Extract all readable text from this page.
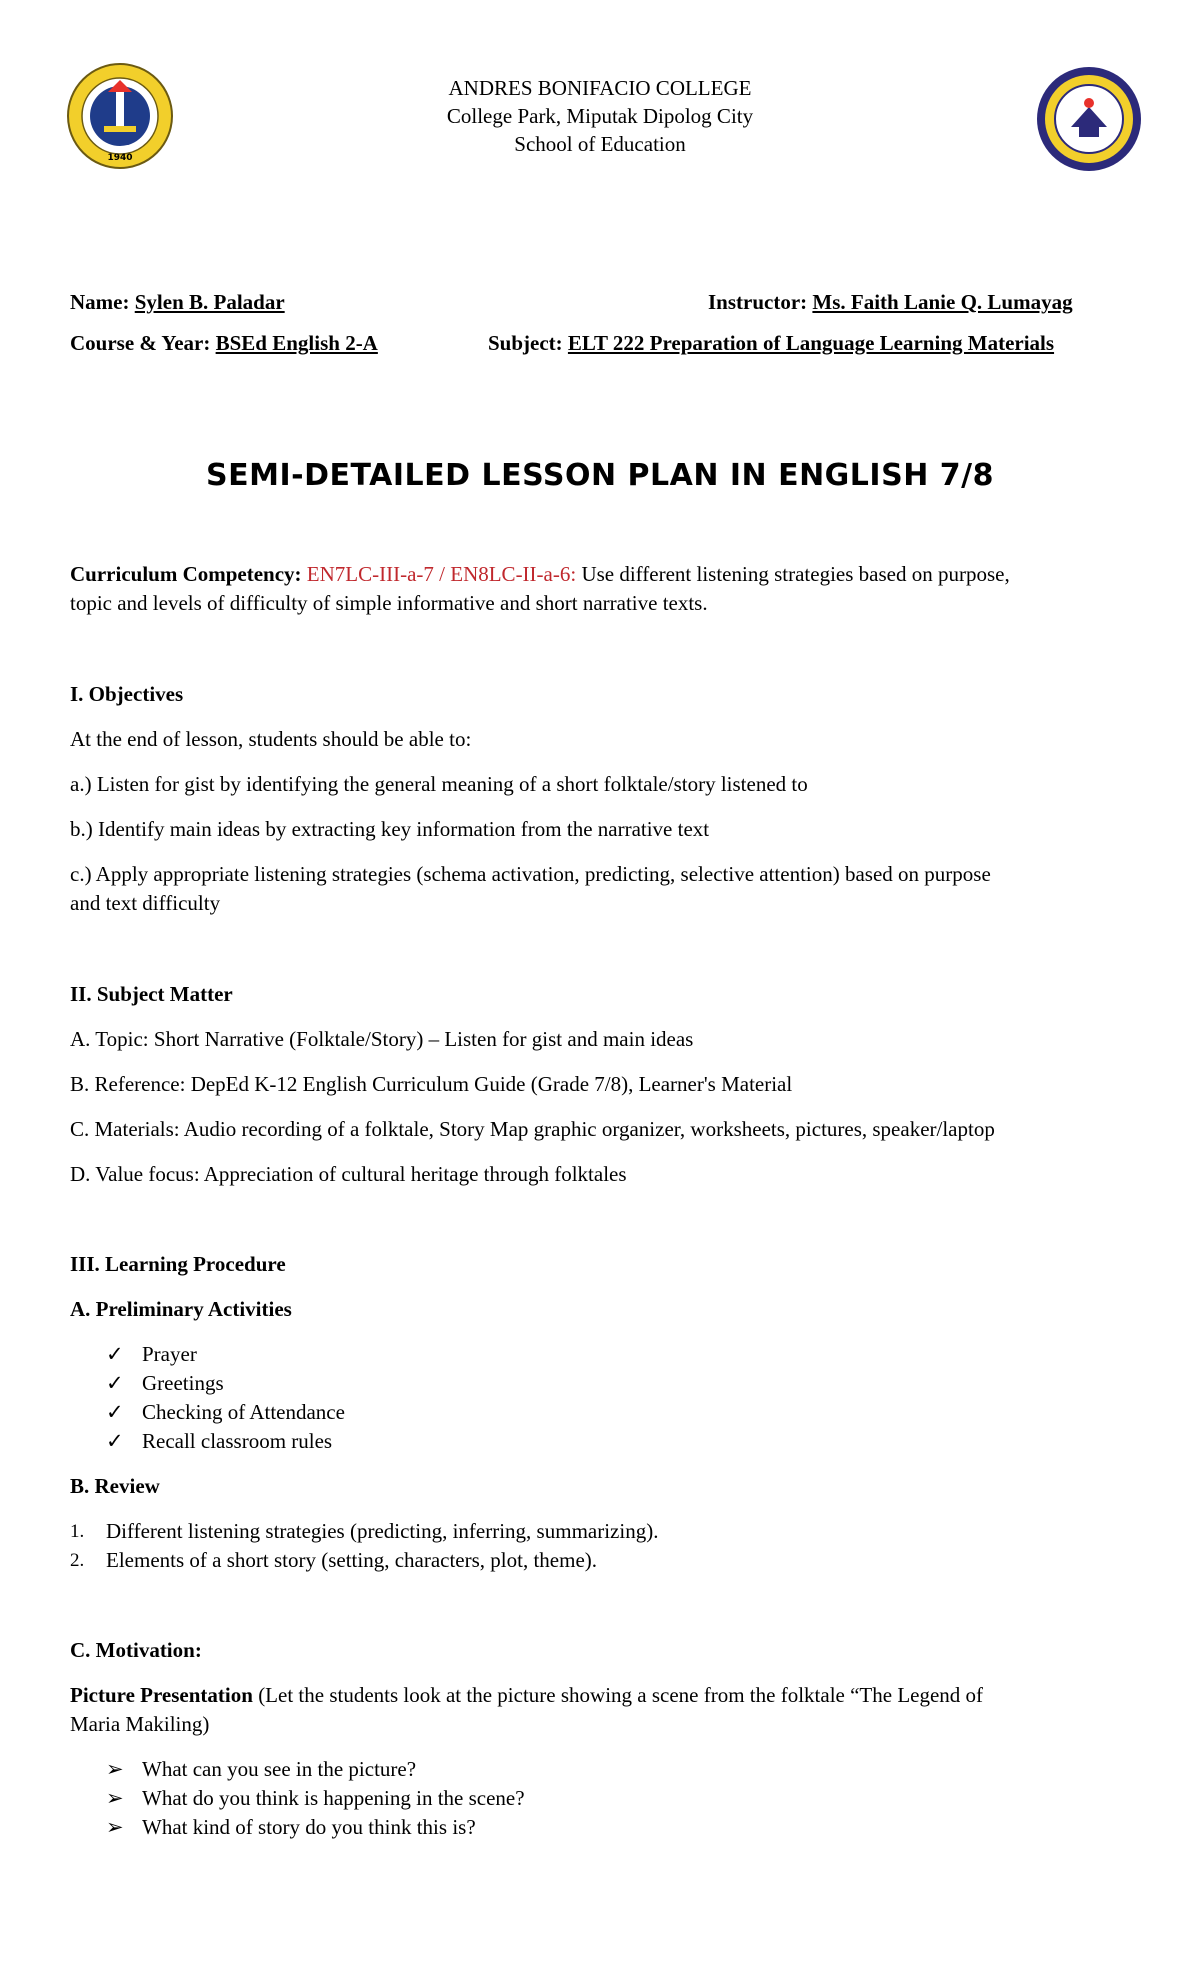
1940
ANDRES BONIFACIO COLLEGE
College Park, Miputak Dipolog City
School of Education
Name: Sylen B. Paladar	Instructor: Ms. Faith Lanie Q. Lumayag
Course & Year: BSEd English 2-A	Subject: ELT 222 Preparation of Language Learning Materials
SEMI-DETAILED LESSON PLAN IN ENGLISH 7/8
Curriculum Competency: EN7LC-III-a-7 / EN8LC-II-a-6: Use different listening strategies based on purpose,
topic and levels of difficulty of simple informative and short narrative texts.
I. Objectives
At the end of lesson, students should be able to:
a.) Listen for gist by identifying the general meaning of a short folktale/story listened to
b.) Identify main ideas by extracting key information from the narrative text
c.) Apply appropriate listening strategies (schema activation, predicting, selective attention) based on purpose
and text difficulty
II. Subject Matter
A. Topic: Short Narrative (Folktale/Story) – Listen for gist and main ideas
B. Reference: DepEd K-12 English Curriculum Guide (Grade 7/8), Learner's Material
C. Materials: Audio recording of a folktale, Story Map graphic organizer, worksheets, pictures, speaker/laptop
D. Value focus: Appreciation of cultural heritage through folktales
III. Learning Procedure
A. Preliminary Activities
✓ Prayer
✓ Greetings
✓ Checking of Attendance
✓ Recall classroom rules
B. Review
1. Different listening strategies (predicting, inferring, summarizing).
2. Elements of a short story (setting, characters, plot, theme).
C. Motivation:
Picture Presentation (Let the students look at the picture showing a scene from the folktale “The Legend of
Maria Makiling)
➢ What can you see in the picture?
➢ What do you think is happening in the scene?
➢ What kind of story do you think this is?
